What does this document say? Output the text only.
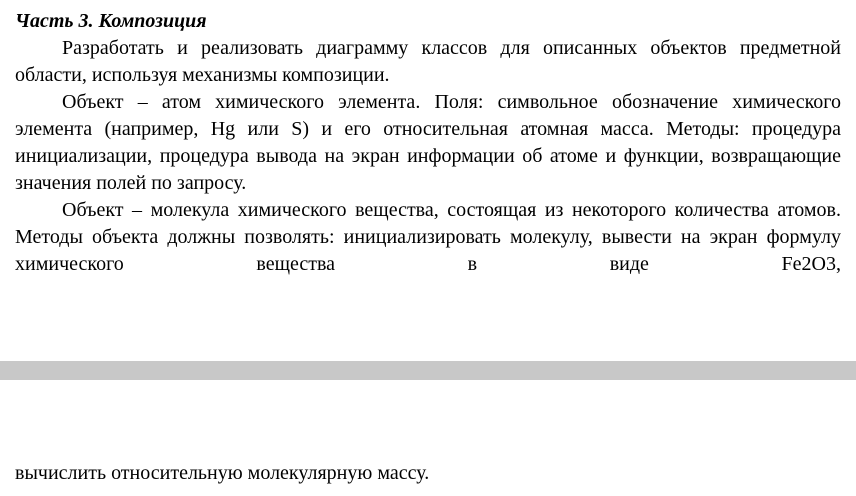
Часть 3. Композиция

Разработать и реализовать диаграмму классов для описанных объектов предметной области, используя механизмы композиции.

Объект – атом химического элемента. Поля: символьное обозначение химического элемента (например, Hg или S) и его относительная атомная масса. Методы: процедура инициализации, процедура вывода на экран информации об атоме и функции, возвращающие значения полей по запросу.

Объект – молекула химического вещества, состоящая из некоторого количества атомов. Методы объекта должны позволять: инициализировать молекулу, вывести на экран формулу химического вещества в виде Fe2O3,

вычислить относительную молекулярную массу.
